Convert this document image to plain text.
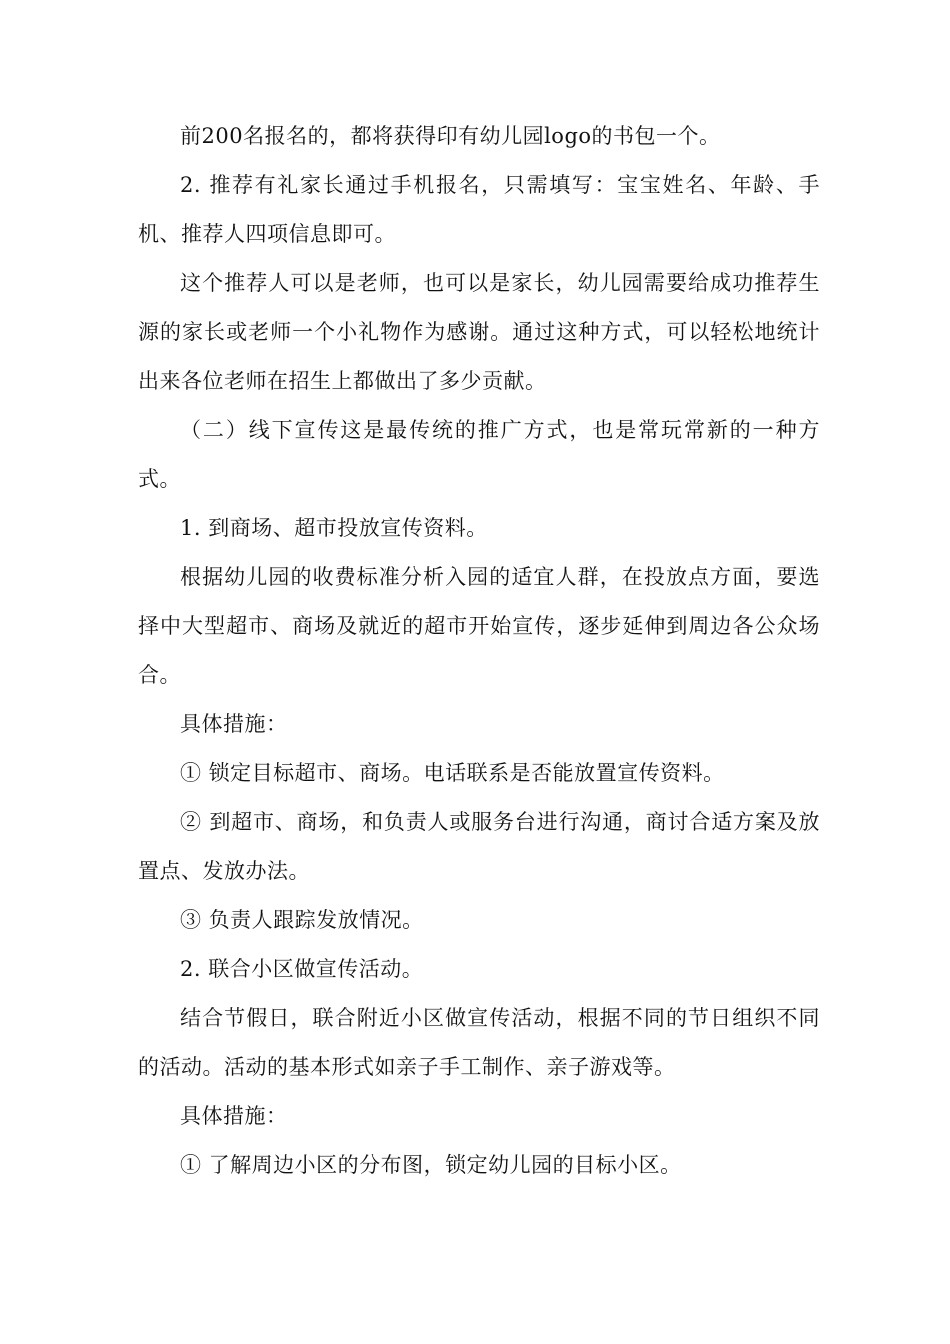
前200名报名的，都将获得印有幼儿园logo的书包一个。

2. 推荐有礼家长通过手机报名，只需填写：宝宝姓名、年龄、手机、推荐人四项信息即可。

这个推荐人可以是老师，也可以是家长，幼儿园需要给成功推荐生源的家长或老师一个小礼物作为感谢。通过这种方式，可以轻松地统计出来各位老师在招生上都做出了多少贡献。

（二）线下宣传这是最传统的推广方式，也是常玩常新的一种方式。

1. 到商场、超市投放宣传资料。

根据幼儿园的收费标准分析入园的适宜人群，在投放点方面，要选择中大型超市、商场及就近的超市开始宣传，逐步延伸到周边各公众场合。

具体措施：

① 锁定目标超市、商场。电话联系是否能放置宣传资料。

② 到超市、商场，和负责人或服务台进行沟通，商讨合适方案及放置点、发放办法。

③ 负责人跟踪发放情况。

2. 联合小区做宣传活动。

结合节假日，联合附近小区做宣传活动，根据不同的节日组织不同的活动。活动的基本形式如亲子手工制作、亲子游戏等。

具体措施：

① 了解周边小区的分布图，锁定幼儿园的目标小区。
